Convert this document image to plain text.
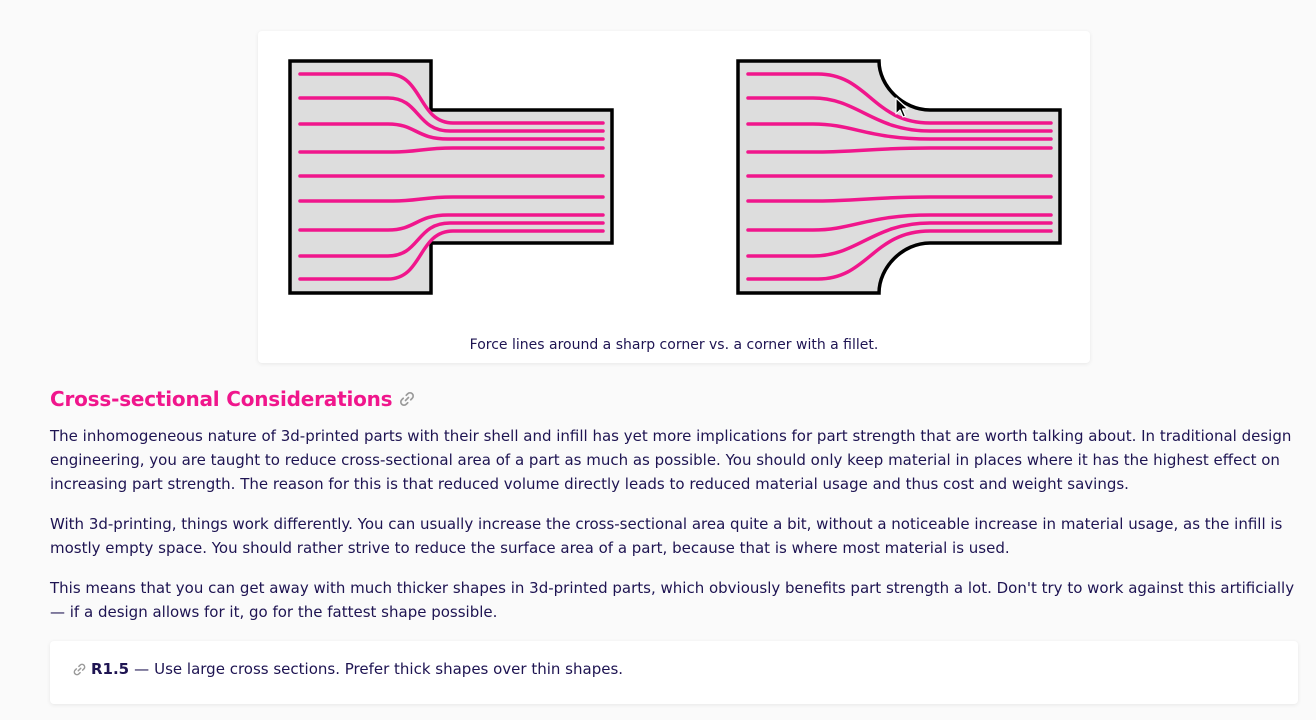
Force lines around a sharp corner vs. a corner with a fillet.
Cross-sectional Considerations

The inhomogeneous nature of 3d-printed parts with their shell and infill has yet more implications for part strength that are worth talking about. In traditional design engineering, you are taught to reduce cross-sectional area of a part as much as possible. You should only keep material in places where it has the highest effect on increasing part strength. The reason for this is that reduced volume directly leads to reduced material usage and thus cost and weight savings.

With 3d-printing, things work differently. You can usually increase the cross-sectional area quite a bit, without a noticeable increase in material usage, as the infill is mostly empty space. You should rather strive to reduce the surface area of a part, because that is where most material is used.

This means that you can get away with much thicker shapes in 3d-printed parts, which obviously benefits part strength a lot. Don't try to work against this artificially — if a design allows for it, go for the fattest shape possible.

R1.5 — Use large cross sections. Prefer thick shapes over thin shapes.
